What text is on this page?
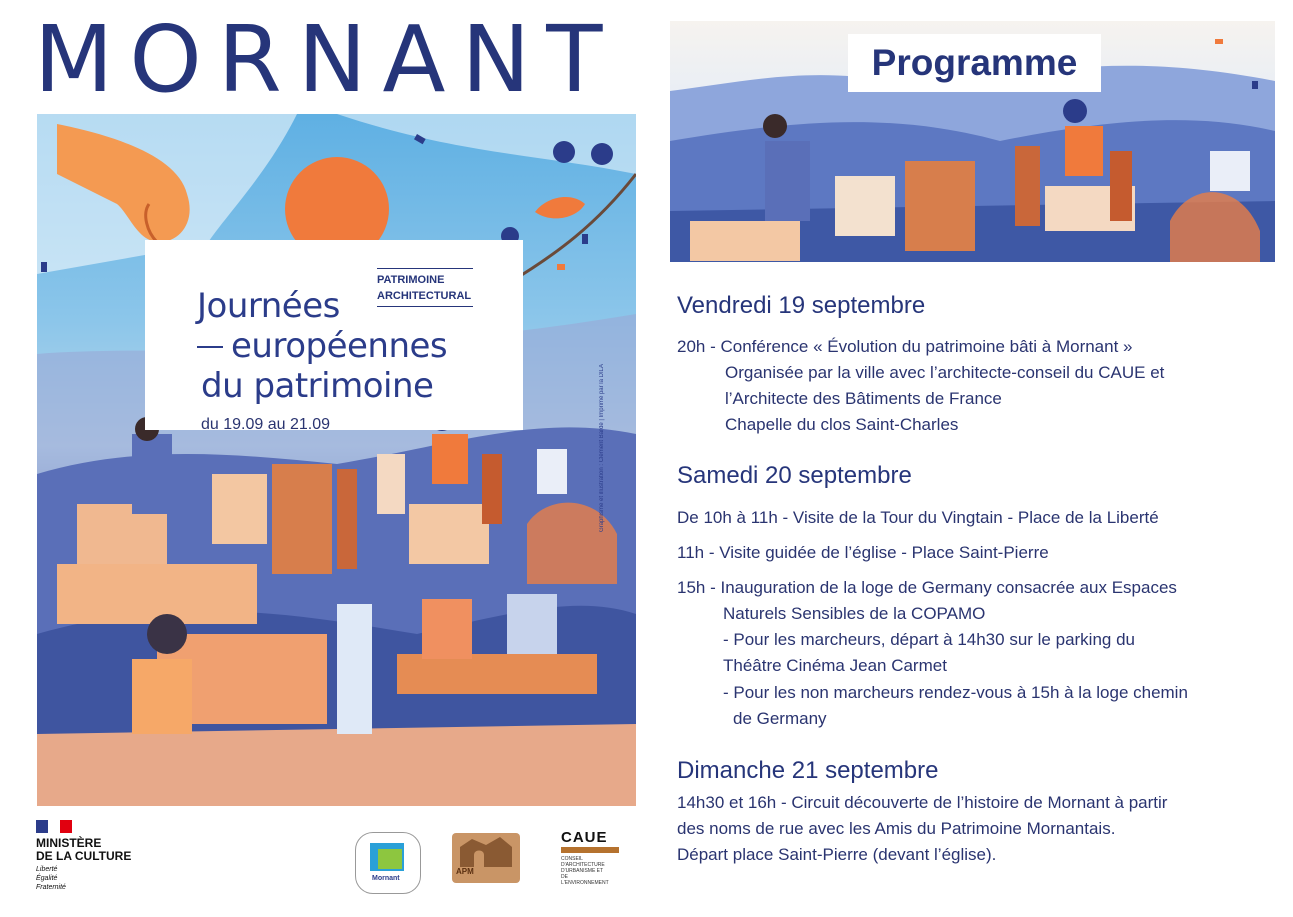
MORNANT
PATRIMOINE
ARCHITECTURAL
Journées
européennes
du patrimoine
du 19.09 au 21.09	Graphisme et illustration : Clément Bardé | Imprimé par la DILA
MINISTÈRE
DE LA CULTURE
Liberté
Égalité
Fraternité
Mornant
APM
CAUE
CONSEIL D'ARCHITECTURE D'URBANISME ET DE L'ENVIRONNEMENT
Programme
Vendredi 19 septembre
20h - Conférence « Évolution du patrimoine bâti à Mornant »
Organisée par la ville avec l’architecte-conseil du CAUE et
l’Architecte des Bâtiments de France
Chapelle du clos Saint-Charles
Samedi 20 septembre
De 10h à 11h - Visite de la Tour du Vingtain - Place de la Liberté
11h - Visite guidée de l’église - Place Saint-Pierre
15h - Inauguration de la loge de Germany consacrée aux Espaces
Naturels Sensibles de la COPAMO
- Pour les marcheurs, départ à 14h30 sur le parking du
Théâtre Cinéma Jean Carmet
- Pour les non marcheurs rendez-vous à 15h à la loge chemin
de Germany
Dimanche 21 septembre
14h30 et 16h - Circuit découverte de l’histoire de Mornant à partir
des noms de rue avec les Amis du Patrimoine Mornantais.
Départ place Saint-Pierre (devant l’église).
